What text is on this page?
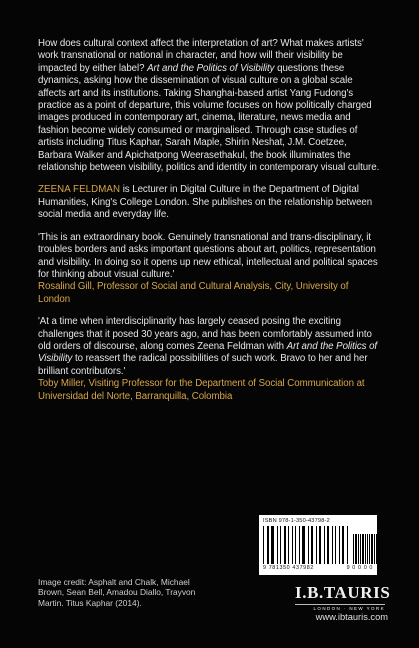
How does cultural context affect the interpretation of art? What makes artists' work transnational or national in character, and how will their visibility be impacted by either label? Art and the Politics of Visibility questions these dynamics, asking how the dissemination of visual culture on a global scale affects art and its institutions. Taking Shanghai-based artist Yang Fudong's practice as a point of departure, this volume focuses on how politically charged images produced in contemporary art, cinema, literature, news media and fashion become widely consumed or marginalised. Through case studies of artists including Titus Kaphar, Sarah Maple, Shirin Neshat, J.M. Coetzee, Barbara Walker and Apichatpong Weerasethakul, the book illuminates the relationship between visibility, politics and identity in contemporary visual culture.

ZEENA FELDMAN is Lecturer in Digital Culture in the Department of Digital Humanities, King's College London. She publishes on the relationship between social media and everyday life.

'This is an extraordinary book. Genuinely transnational and trans-disciplinary, it troubles borders and asks important questions about art, politics, representation and visibility. In doing so it opens up new ethical, intellectual and political spaces for thinking about visual culture.'
Rosalind Gill, Professor of Social and Cultural Analysis, City, University of London
'At a time when interdisciplinarity has largely ceased posing the exciting challenges that it posed 30 years ago, and has been comfortably assumed into old orders of discourse, along comes Zeena Feldman with Art and the Politics of Visibility to reassert the radical possibilities of such work. Bravo to her and her brilliant contributors.'
Toby Miller, Visiting Professor for the Department of Social Communication at Universidad del Norte, Barranquilla, Colombia
ISBN 978-1-350-43798-2
9 781350 437982	9 0 0 0 0
Image credit: Asphalt and Chalk, Michael Brown, Sean Bell, Amadou Diallo, Trayvon Martin. Titus Kaphar (2014).
I.B.TAURIS
LONDON · NEW YORK
www.ibtauris.com
